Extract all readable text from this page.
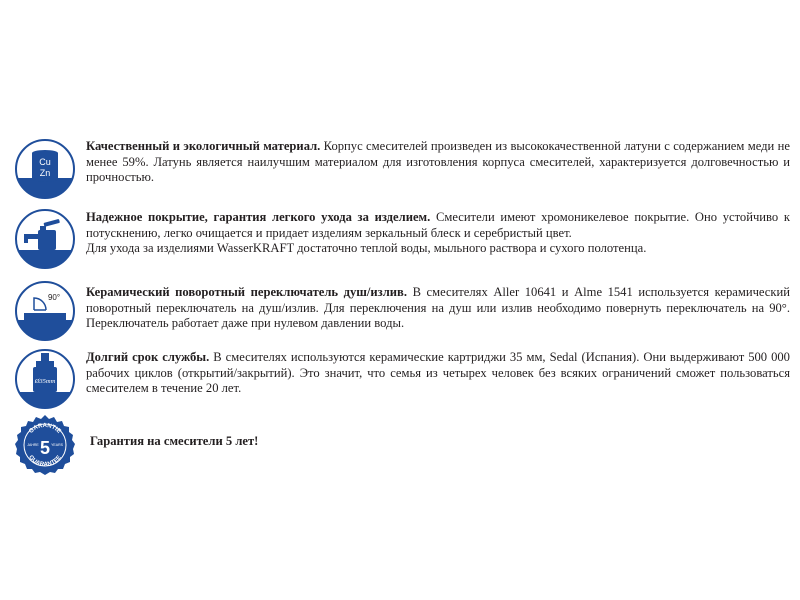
Cu
Zn
Качественный и экологичный материал. Корпус смесителей произведен из высококачественной латуни с содержанием меди не менее 59%. Латунь является наилучшим материалом для изготовления корпуса смесителей, характеризуется долговечностью и прочностью.
Надежное покрытие, гарантия легкого ухода за изделием. Смесители имеют хромоникелевое покрытие. Оно устойчиво к потускнению, легко очищается и придает изделиям зеркальный блеск и серебристый цвет.
Для ухода за изделиями WasserKRAFT достаточно теплой воды, мыльного раствора и сухого полотенца.
90° Керамический поворотный переключатель душ/излив. В смесителях Aller 10641 и Alme 1541 используется керамический поворотный переключатель на душ/излив. Для переключения на душ или излив необходимо повернуть переключатель на 90°. Переключатель работает даже при нулевом давлении воды.
Ø35mm
Долгий срок службы. В смесителях используются керамические картриджи 35 мм, Sedal (Испания). Они выдерживают 500 000 рабочих циклов (открытий/закрытий). Это значит, что семья из четырех человек без всяких ограничений сможет пользоваться смесителем в течение 20 лет.
GARANTIE
GUARANTEE
5
JAHRE	YEARS Гарантия на смесители 5 лет!
